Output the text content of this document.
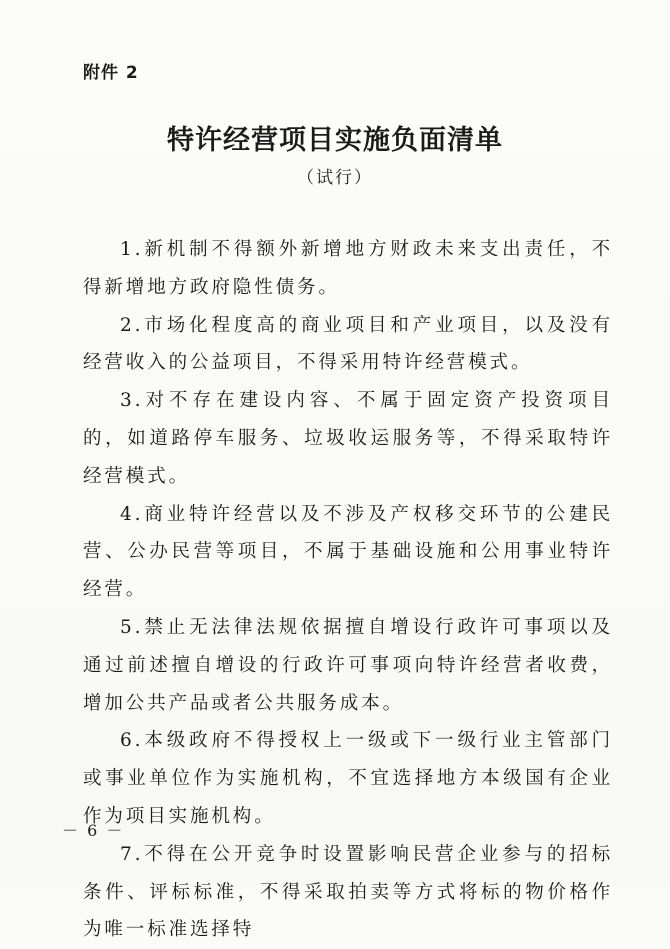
附件 2
特许经营项目实施负面清单
（试行）

1.新机制不得额外新增地方财政未来支出责任，不得新增地方政府隐性债务。

2.市场化程度高的商业项目和产业项目，以及没有经营收入的公益项目，不得采用特许经营模式。

3.对不存在建设内容、不属于固定资产投资项目的，如道路停车服务、垃圾收运服务等，不得采取特许经营模式。

4.商业特许经营以及不涉及产权移交环节的公建民营、公办民营等项目，不属于基础设施和公用事业特许经营。

5.禁止无法律法规依据擅自增设行政许可事项以及通过前述擅自增设的行政许可事项向特许经营者收费，增加公共产品或者公共服务成本。

6.本级政府不得授权上一级或下一级行业主管部门或事业单位作为实施机构，不宜选择地方本级国有企业作为项目实施机构。

7.不得在公开竞争时设置影响民营企业参与的招标条件、评标标准，不得采取拍卖等方式将标的物价格作为唯一标准选择特

－ 6 －
